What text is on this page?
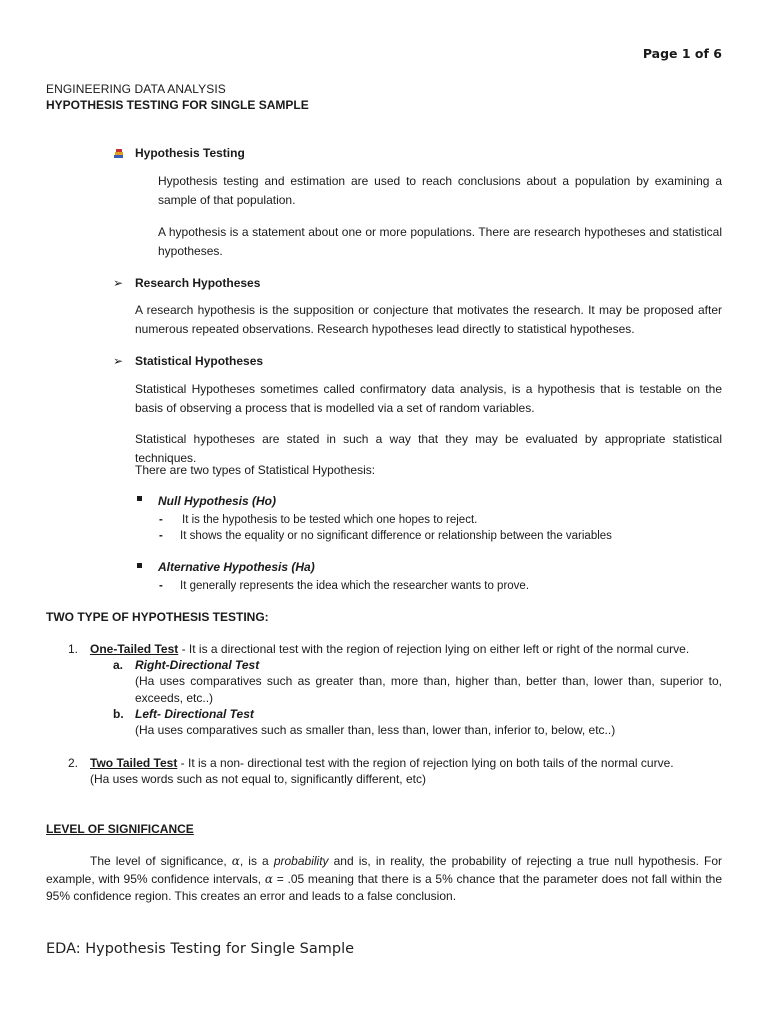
Page 1 of 6
ENGINEERING DATA ANALYSIS
HYPOTHESIS TESTING FOR SINGLE SAMPLE
Hypothesis Testing
Hypothesis testing and estimation are used to reach conclusions about a population by examining a sample of that population.
A hypothesis is a statement about one or more populations. There are research hypotheses and statistical hypotheses.
➢ Research Hypotheses
A research hypothesis is the supposition or conjecture that motivates the research. It may be proposed after numerous repeated observations. Research hypotheses lead directly to statistical hypotheses.
➢ Statistical Hypotheses
Statistical Hypotheses sometimes called confirmatory data analysis, is a hypothesis that is testable on the basis of observing a process that is modelled via a set of random variables.
Statistical hypotheses are stated in such a way that they may be evaluated by appropriate statistical techniques.
There are two types of Statistical Hypothesis:
Null Hypothesis (Ho)
- It is the hypothesis to be tested which one hopes to reject.
- It shows the equality or no significant difference or relationship between the variables
Alternative Hypothesis (Ha)
- It generally represents the idea which the researcher wants to prove.
TWO TYPE OF HYPOTHESIS TESTING:
1. One-Tailed Test - It is a directional test with the region of rejection lying on either left or right of the normal curve.
a. Right-Directional Test
(Ha uses comparatives such as greater than, more than, higher than, better than, lower than, superior to, exceeds, etc..)
b. Left- Directional Test
(Ha uses comparatives such as smaller than, less than, lower than, inferior to, below, etc..)
2. Two Tailed Test - It is a non- directional test with the region of rejection lying on both tails of the normal curve.
(Ha uses words such as not equal to, significantly different, etc)
LEVEL OF SIGNIFICANCE
The level of significance, α, is a probability and is, in reality, the probability of rejecting a true null hypothesis. For example, with 95% confidence intervals, α = .05 meaning that there is a 5% chance that the parameter does not fall within the 95% confidence region. This creates an error and leads to a false conclusion.
EDA: Hypothesis Testing for Single Sample
